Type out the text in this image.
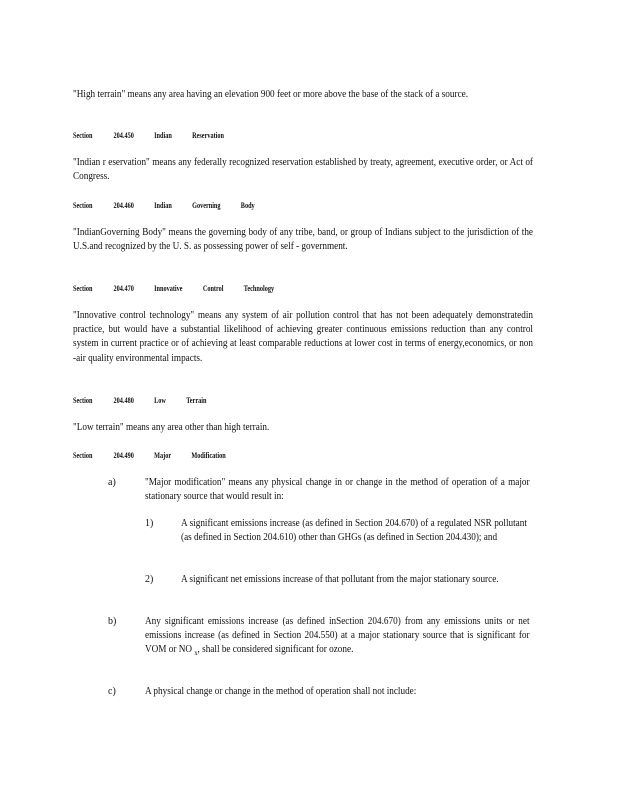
"High terrain" means any area having an elevation 900 feet or more above the base of the stack of a source.

Section	204.450	Indian	Reservation

"Indian r eservation" means any federally recognized reservation established by treaty, agreement, executive order, or Act of Congress.

Section	204.460	Indian	Governing	Body

"IndianGoverning Body" means the governing body of any tribe, band, or group of Indians subject to the jurisdiction of the U.S.and recognized by the U. S. as possessing power of self - government.

Section	204.470	Innovative	Control	Technology

"Innovative control technology" means any system of air pollution control that has not been adequately demonstratedin practice, but would have a substantial likelihood of achieving greater continuous emissions reduction than any control system in current practice or of achieving at least comparable reductions at lower cost in terms of energy,economics, or non -air quality environmental impacts.

Section	204.480	Low	Terrain

"Low terrain" means any area other than high terrain.

Section	204.490	Major	Modification
a)	"Major modification" means any physical change in or change in the method of operation of a major stationary source that would result in:

1)	A significant emissions increase (as defined in Section 204.670) of a regulated NSR pollutant (as defined in Section 204.610) other than GHGs (as defined in Section 204.430); and

2)	A significant net emissions increase of that pollutant from the major stationary source.

b)	Any significant emissions increase (as defined inSection 204.670) from any emissions units or net emissions increase (as defined in Section 204.550) at a major stationary source that is significant for VOM or NO $_x$, shall be considered significant for ozone.

c)	A physical change or change in the method of operation shall not include:
